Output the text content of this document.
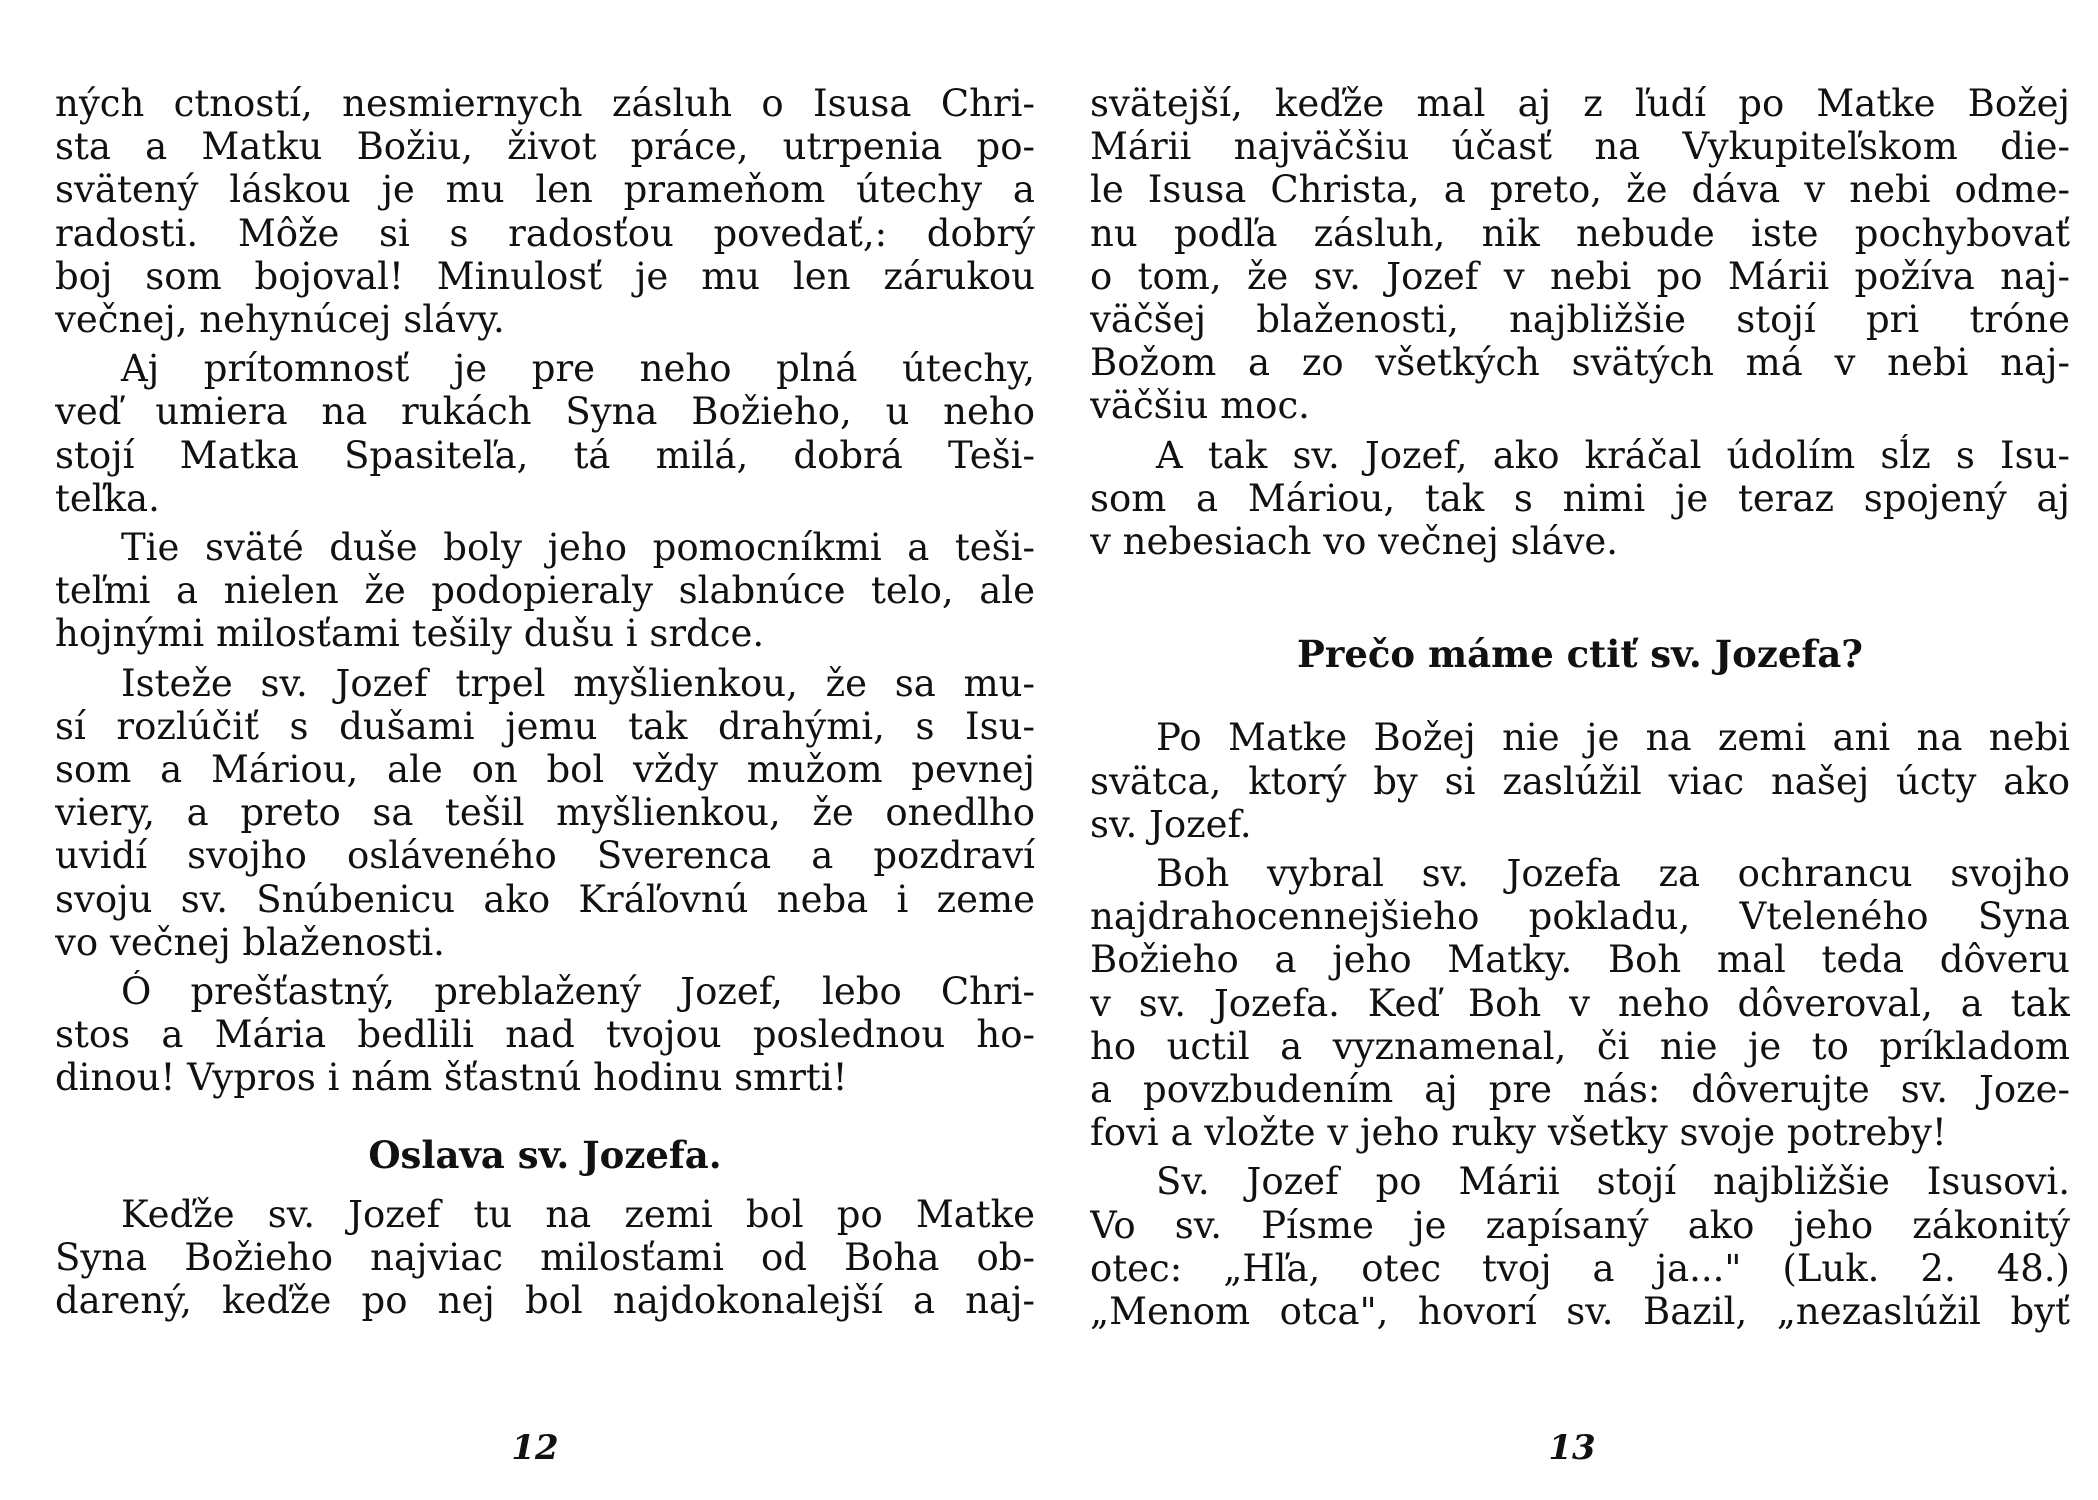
ných ctností, nesmiernych zásluh o Isusa Chri-
sta a Matku Božiu, život práce, utrpenia po-
svätený láskou je mu len prameňom útechy a
radosti. Môže si s radosťou povedať,: dobrý
boj som bojoval! Minulosť je mu len zárukou
večnej, nehynúcej slávy.
Aj prítomnosť je pre neho plná útechy,
veď umiera na rukách Syna Božieho, u neho
stojí Matka Spasiteľa, tá milá, dobrá Teši-
teľka.
Tie sväté duše boly jeho pomocníkmi a teši-
teľmi a nielen že podopieraly slabnúce telo, ale
hojnými milosťami tešily dušu i srdce.
Isteže sv. Jozef trpel myšlienkou, že sa mu-
sí rozlúčiť s dušami jemu tak drahými, s Isu-
som a Máriou, ale on bol vždy mužom pevnej
viery, a preto sa tešil myšlienkou, že onedlho
uvidí svojho osláveného Sverenca a pozdraví
svoju sv. Snúbenicu ako Kráľovnú neba i zeme
vo večnej blaženosti.
Ó prešťastný, preblažený Jozef, lebo Chri-
stos a Mária bedlili nad tvojou poslednou ho-
dinou! Vypros i nám šťastnú hodinu smrti!
Oslava sv. Jozefa.
Keďže sv. Jozef tu na zemi bol po Matke
Syna Božieho najviac milosťami od Boha ob-
darený, keďže po nej bol najdokonalejší a naj-
svätejší, keďže mal aj z ľudí po Matke Božej
Márii najväčšiu účasť na Vykupiteľskom die-
le Isusa Christa, a preto, že dáva v nebi odme-
nu podľa zásluh, nik nebude iste pochybovať
o tom, že sv. Jozef v nebi po Márii požíva naj-
väčšej blaženosti, najbližšie stojí pri tróne
Božom a zo všetkých svätých má v nebi naj-
väčšiu moc.
A tak sv. Jozef, ako kráčal údolím sĺz s Isu-
som a Máriou, tak s nimi je teraz spojený aj
v nebesiach vo večnej sláve.
Prečo máme ctiť sv. Jozefa?
Po Matke Božej nie je na zemi ani na nebi
svätca, ktorý by si zaslúžil viac našej úcty ako
sv. Jozef.
Boh vybral sv. Jozefa za ochrancu svojho
najdrahocennejšieho pokladu, Vteleného Syna
Božieho a jeho Matky. Boh mal teda dôveru
v sv. Jozefa. Keď Boh v neho dôveroval, a tak
ho uctil a vyznamenal, či nie je to príkladom
a povzbudením aj pre nás: dôverujte sv. Joze-
fovi a vložte v jeho ruky všetky svoje potreby!
Sv. Jozef po Márii stojí najbližšie Isusovi.
Vo sv. Písme je zapísaný ako jeho zákonitý
otec: „Hľa, otec tvoj a ja..." (Luk. 2. 48.)
„Menom otca", hovorí sv. Bazil, „nezaslúžil byť
12	13
